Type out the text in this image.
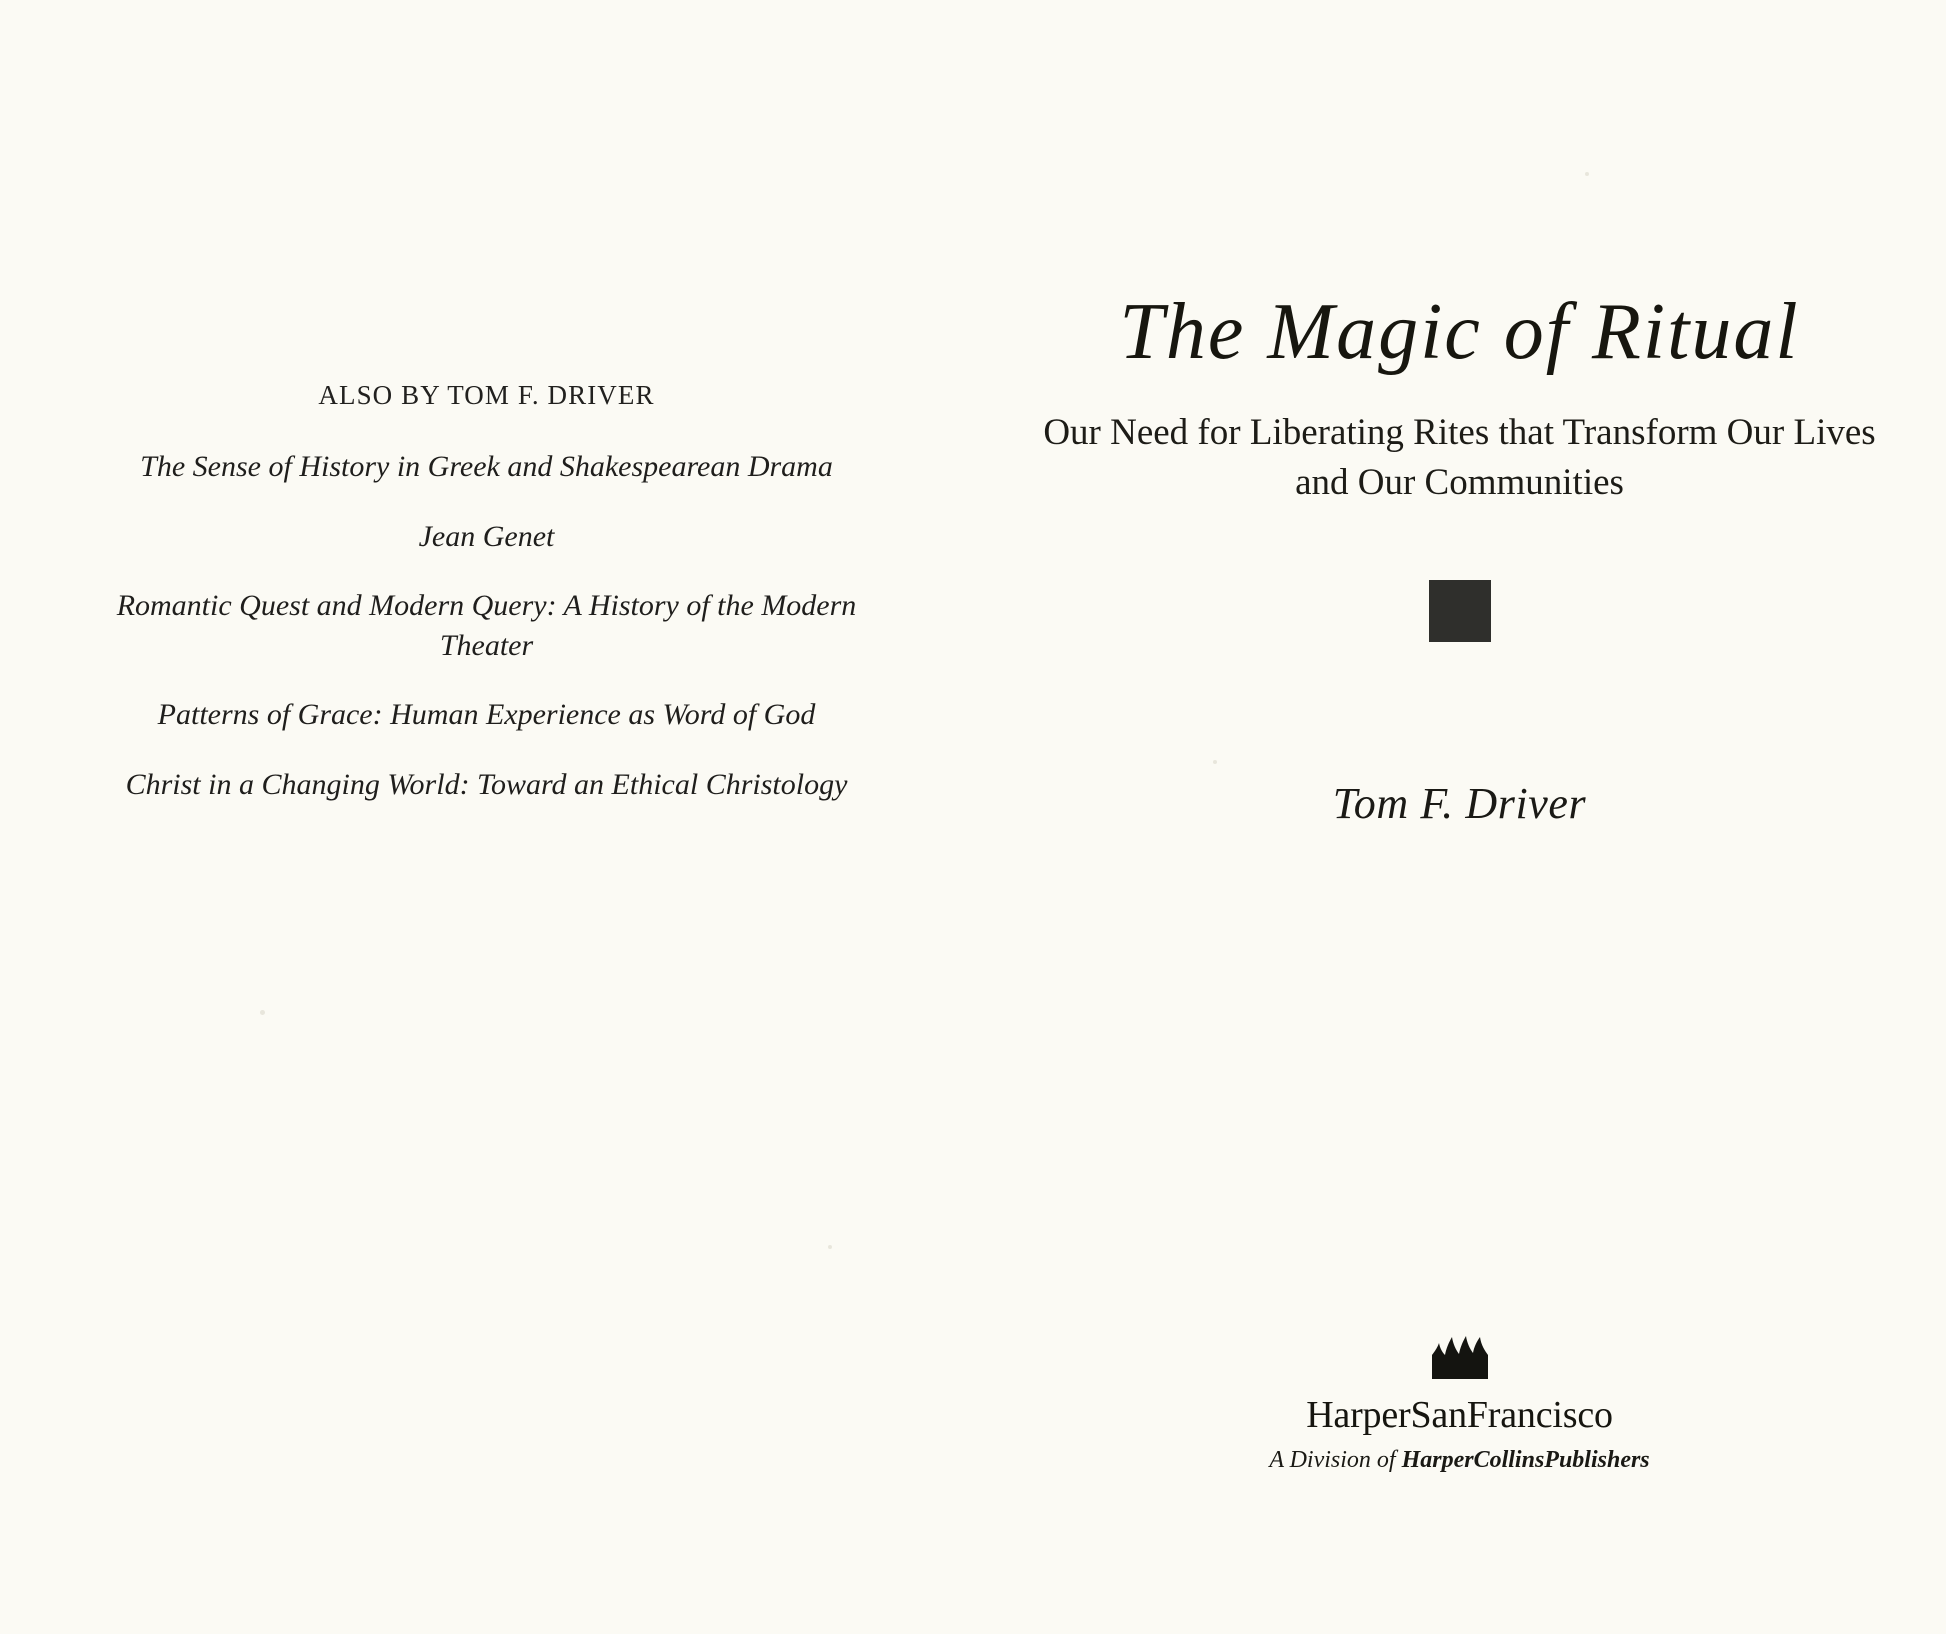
ALSO BY TOM F. DRIVER
The Sense of History in Greek and Shakespearean Drama
Jean Genet
Romantic Quest and Modern Query: A History of the Modern Theater
Patterns of Grace: Human Experience as Word of God
Christ in a Changing World: Toward an Ethical Christology
The Magic of Ritual
Our Need for Liberating Rites that Transform Our Lives and Our Communities
Tom F. Driver
HarperSanFrancisco
A Division of HarperCollinsPublishers
